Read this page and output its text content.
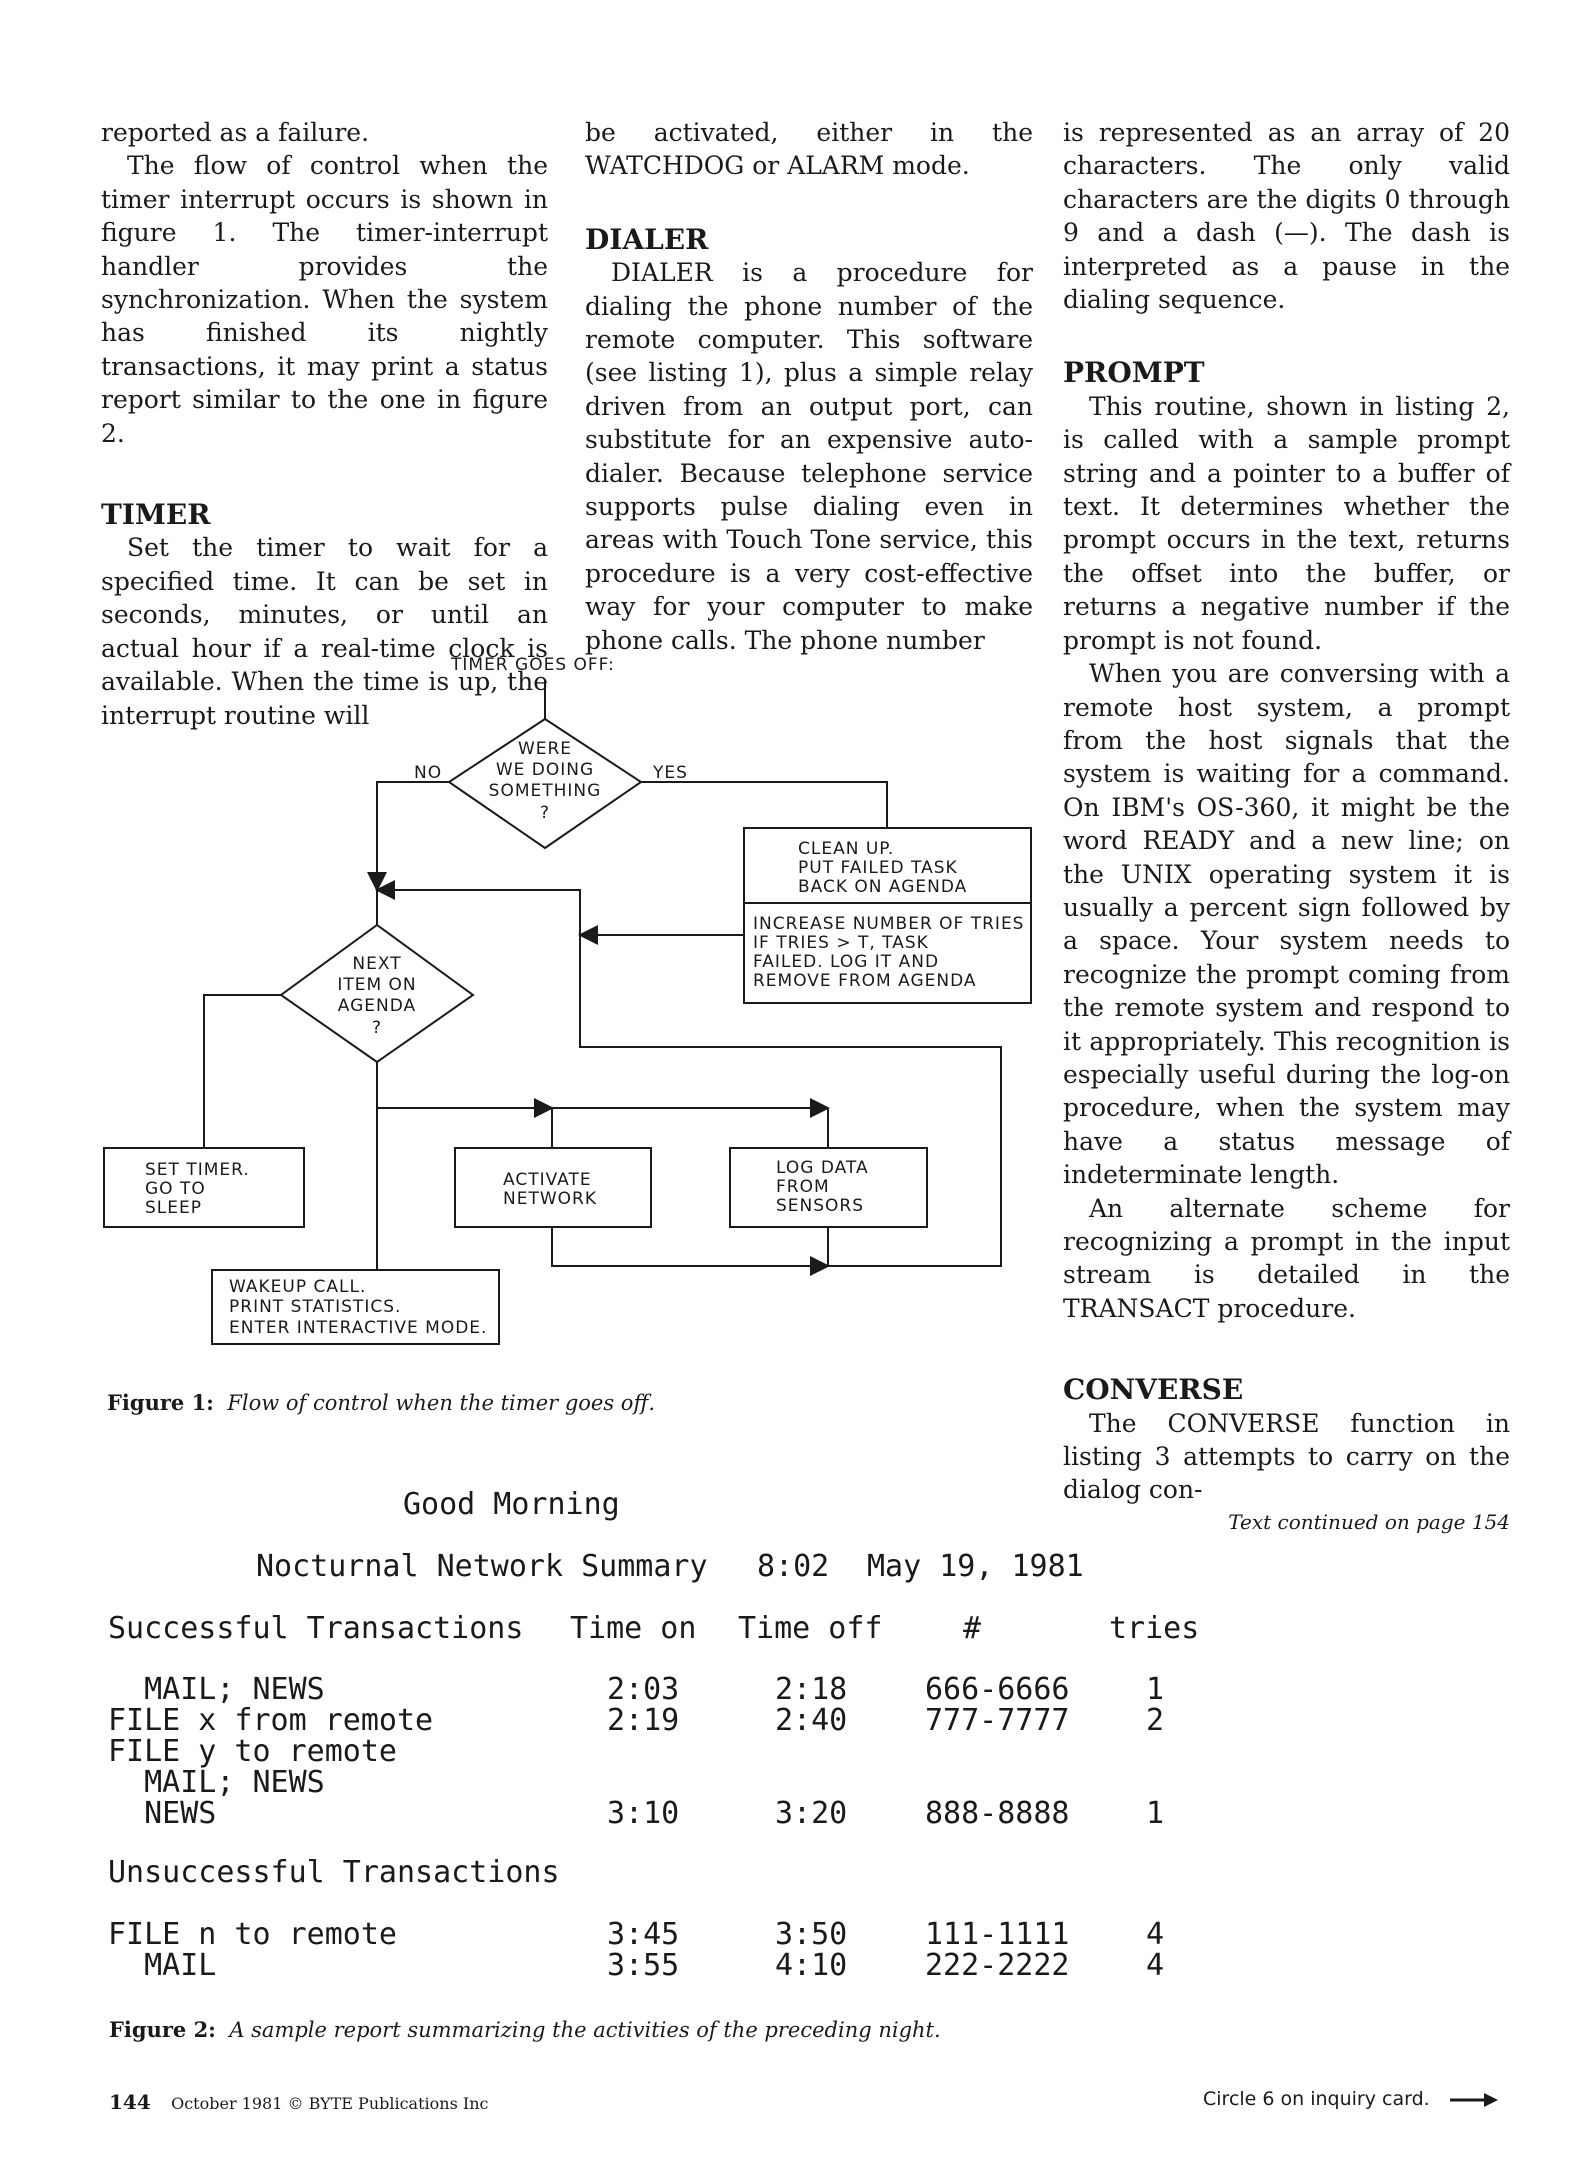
reported as a failure.

The flow of control when the timer interrupt occurs is shown in figure 1. The timer-interrupt handler provides the synchronization. When the system has finished its nightly transactions, it may print a status report similar to the one in figure 2.

TIMER

Set the timer to wait for a specified time. It can be set in seconds, minutes, or until an actual hour if a real-time clock is available. When the time is up, the interrupt routine will

be activated, either in the WATCHDOG or ALARM mode.

DIALER

DIALER is a procedure for dialing the phone number of the remote computer. This software (see listing 1), plus a simple relay driven from an output port, can substitute for an expensive auto-dialer. Because telephone service supports pulse dialing even in areas with Touch Tone service, this procedure is a very cost-effective way for your computer to make phone calls. The phone number

is represented as an array of 20 characters. The only valid characters are the digits 0 through 9 and a dash (—). The dash is interpreted as a pause in the dialing sequence.

PROMPT

This routine, shown in listing 2, is called with a sample prompt string and a pointer to a buffer of text. It determines whether the prompt occurs in the text, returns the offset into the buffer, or returns a negative number if the prompt is not found.

When you are conversing with a remote host system, a prompt from the host signals that the system is waiting for a command. On IBM's OS-360, it might be the word READY and a new line; on the UNIX operating system it is usually a percent sign followed by a space. Your system needs to recognize the prompt coming from the remote system and respond to it appropriately. This recognition is especially useful during the log-on procedure, when the system may have a status message of indeterminate length.

An alternate scheme for recognizing a prompt in the input stream is detailed in the TRANSACT procedure.

CONVERSE

The CONVERSE function in listing 3 attempts to carry on the dialog con-

Text continued on page 154
TIMER GOES OFF:
WERE
WE DOING
SOMETHING
?
NO	YES
CLEAN UP.
PUT FAILED TASK
BACK ON AGENDA
INCREASE NUMBER OF TRIES
IF TRIES > T, TASK
FAILED. LOG IT AND
REMOVE FROM AGENDA
NEXT
ITEM ON
AGENDA
?
SET TIMER.
GO TO
SLEEP
ACTIVATE
NETWORK
LOG DATA
FROM
SENSORS
WAKEUP CALL.
PRINT STATISTICS.
ENTER INTERACTIVE MODE.
Figure 1: Flow of control when the timer goes off.
Good Morning
Nocturnal Network Summary 8:02 May 19, 1981
Successful Transactions Time on Time off	#	tries
MAIL; NEWS	2:03	2:18	666-6666	1
FILE x from remote	2:19	2:40	777-7777	2
FILE y to remote
MAIL; NEWS
NEWS	3:10	3:20	888-8888	1
Unsuccessful Transactions
FILE n to remote	3:45	3:50	111-1111	4
MAIL	3:55	4:10	222-2222	4
Figure 2: A sample report summarizing the activities of the preceding night.
144 October 1981 © BYTE Publications Inc	Circle 6 on inquiry card.
